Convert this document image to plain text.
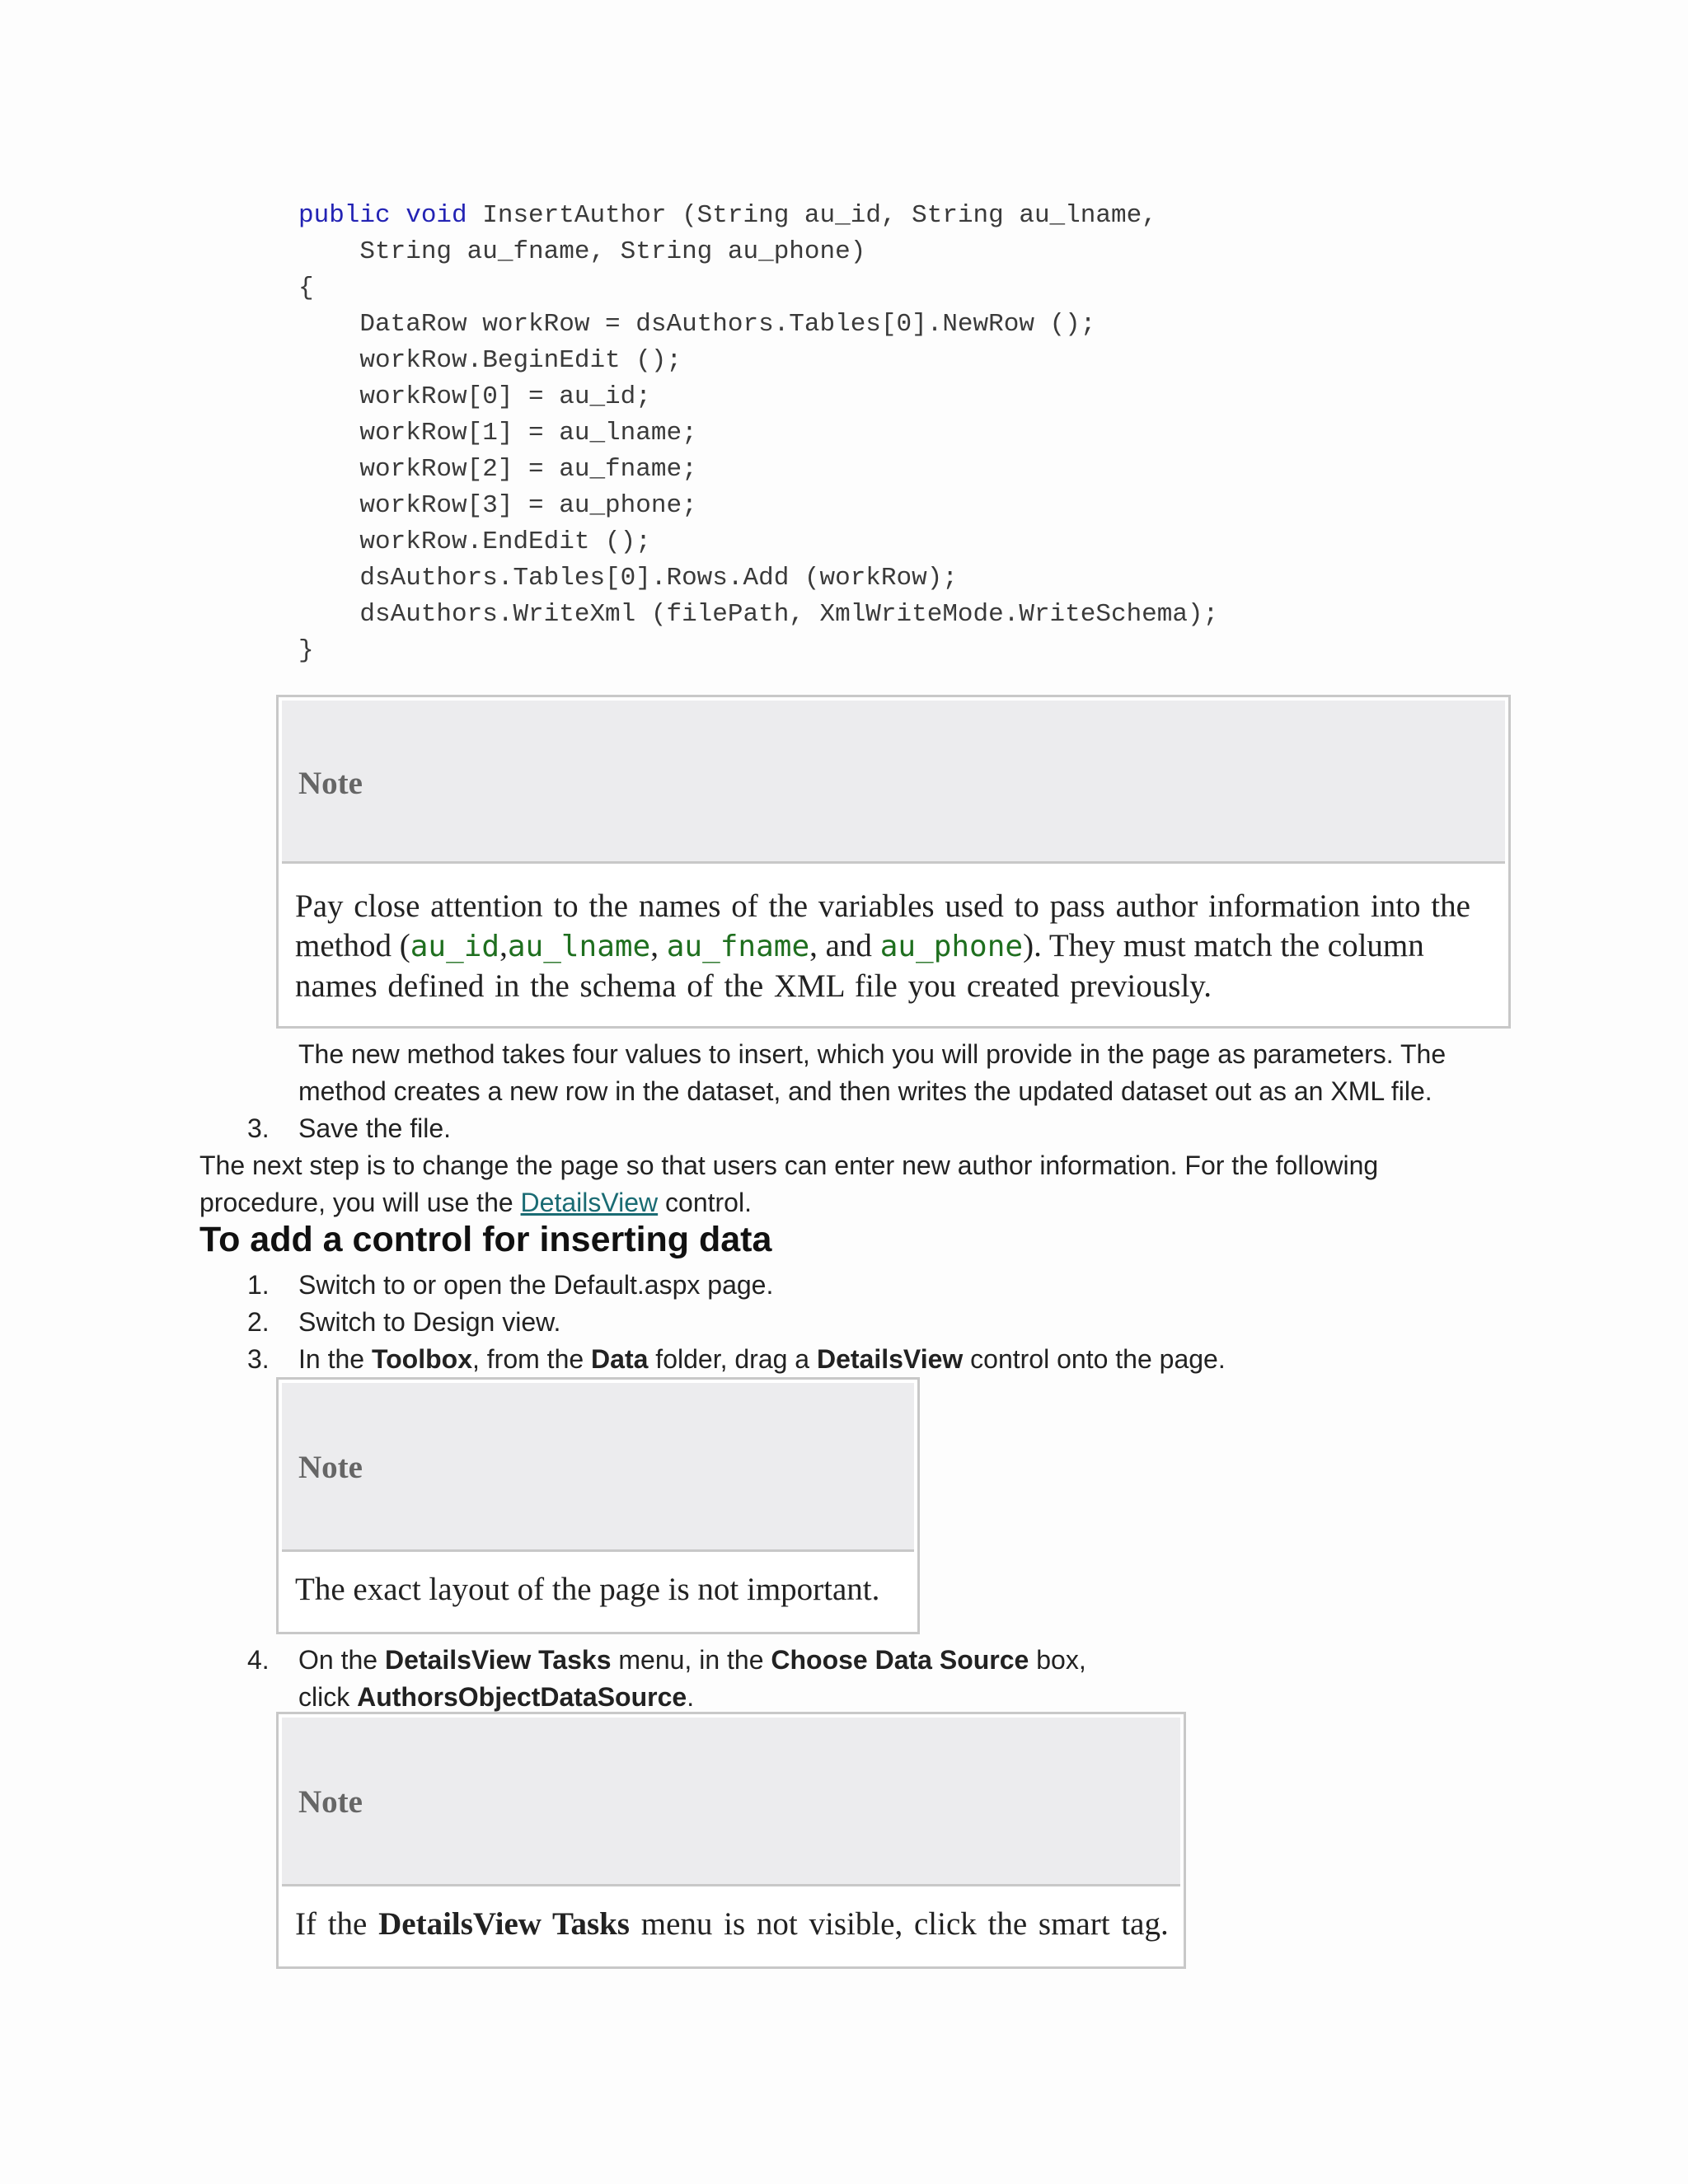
public void InsertAuthor (String au_id, String au_lname,
String au_fname, String au_phone)
{
DataRow workRow = dsAuthors.Tables[0].NewRow ();
workRow.BeginEdit ();
workRow[0] = au_id;
workRow[1] = au_lname;
workRow[2] = au_fname;
workRow[3] = au_phone;
workRow.EndEdit ();
dsAuthors.Tables[0].Rows.Add (workRow);
dsAuthors.WriteXml (filePath, XmlWriteMode.WriteSchema);
}
Note
Pay close attention to the names of the variables used to pass author information into the
method (au_id,au_lname, au_fname, and au_phone). They must match the column
names defined in the schema of the XML file you created previously.
The new method takes four values to insert, which you will provide in the page as parameters. The
method creates a new row in the dataset, and then writes the updated dataset out as an XML file.
3. Save the file.
The next step is to change the page so that users can enter new author information. For the following
procedure, you will use the DetailsView control.
To add a control for inserting data
1. Switch to or open the Default.aspx page.
2. Switch to Design view.
3. In the Toolbox, from the Data folder, drag a DetailsView control onto the page.
Note
The exact layout of the page is not important.
4. On the DetailsView Tasks menu, in the Choose Data Source box,
click AuthorsObjectDataSource.
Note
If the DetailsView Tasks menu is not visible, click the smart tag.
